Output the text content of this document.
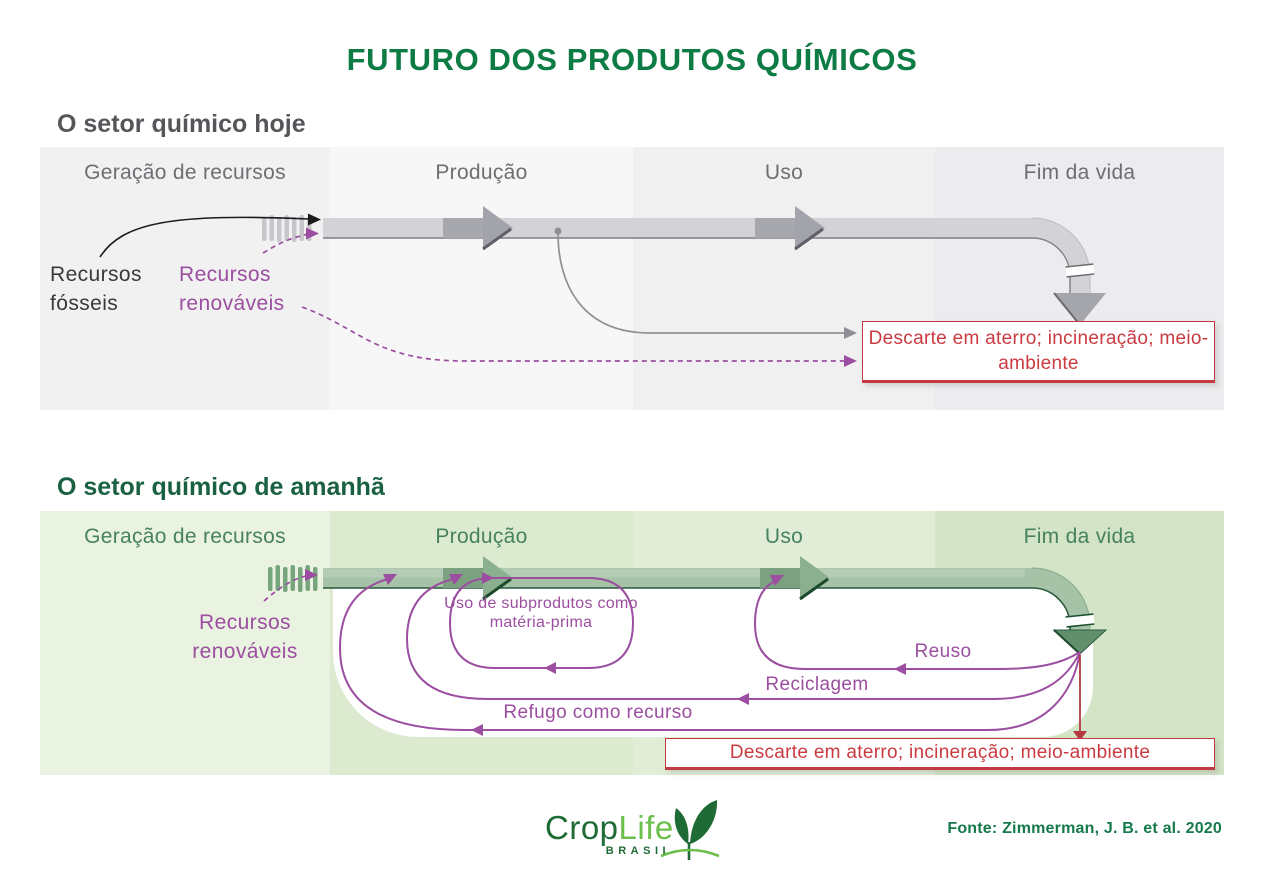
FUTURO DOS PRODUTOS QUÍMICOS
O setor químico hoje
Geração de recursos	Produção	Uso	Fim da vida
Recursos fósseis
Recursos renováveis
Descarte em aterro; incineração; meio-ambiente
O setor químico de amanhã
Geração de recursos	Produção	Uso	Fim da vida
Recursos renováveis
Uso de subprodutos como matéria-prima
Reuso
Reciclagem
Refugo como recurso
Descarte em aterro; incineração; meio-ambiente
CropLife
BRASIL
Fonte: Zimmerman, J. B. et al. 2020
